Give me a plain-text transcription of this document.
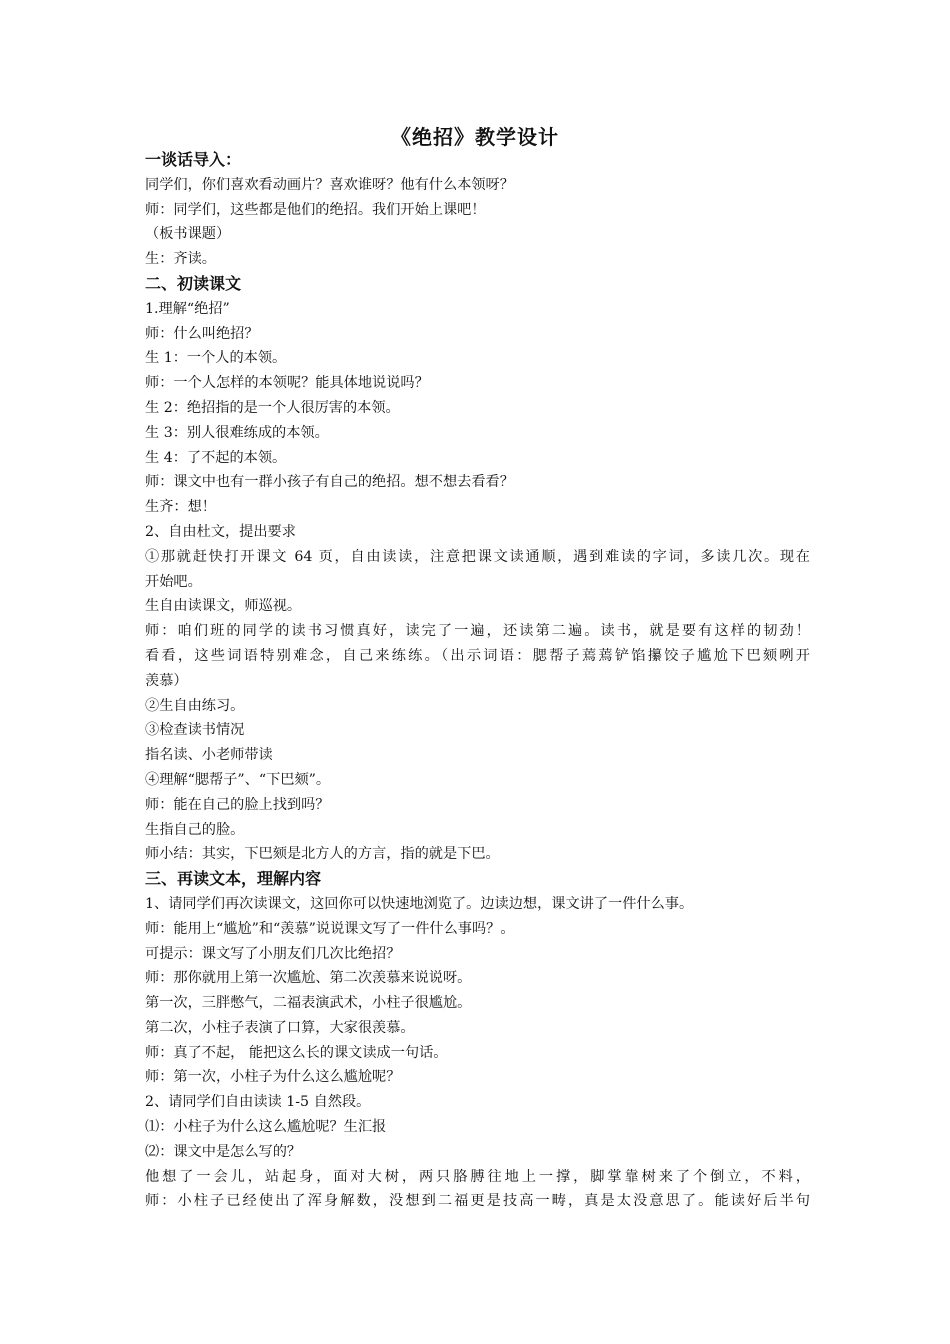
《绝招》教学设计
一谈话导入：
同学们，你们喜欢看动画片？喜欢谁呀？他有什么本领呀？
师：同学们，这些都是他们的绝招。我们开始上课吧！
（板书课题）
生：齐读。
二、初读课文
1.理解“绝招”
师：什么叫绝招？
生 1：一个人的本领。
师：一个人怎样的本领呢？能具体地说说吗？
生 2：绝招指的是一个人很厉害的本领。
生 3：别人很难练成的本领。
生 4：了不起的本领。
师：课文中也有一群小孩子有自己的绝招。想不想去看看？
生齐：想！
2、自由杜文，提出要求
①那就赶快打开课文 64 页，自由读读，注意把课文读通顺，遇到难读的字词，多读几次。现在
开始吧。
生自由读课文，师巡视。
师：咱们班的同学的读书习惯真好，读完了一遍，还读第二遍。读书，就是要有这样的韧劲！
看看，这些词语特别难念，自己来练练。（出示词语：腮帮子蔫蔫铲馅攥饺子尴尬下巴颏咧开
羡慕）
②生自由练习。
③检查读书情况
指名读、小老师带读
④理解“腮帮子”、“下巴颏”。
师：能在自己的脸上找到吗？
生指自己的脸。
师小结：其实，下巴颏是北方人的方言，指的就是下巴。
三、再读文本，理解内容
1、请同学们再次读课文，这回你可以快速地浏览了。边读边想，课文讲了一件什么事。
师：能用上“尴尬”和“羡慕”说说课文写了一件什么事吗？。
可提示：课文写了小朋友们几次比绝招？
师：那你就用上第一次尴尬、第二次羡慕来说说呀。
第一次，三胖憋气，二福表演武术，小柱子很尴尬。
第二次，小柱子表演了口算，大家很羡慕。
师：真了不起， 能把这么长的课文读成一句话。
师：第一次，小柱子为什么这么尴尬呢？
2、请同学们自由读读 1-5 自然段。
⑴：小柱子为什么这么尴尬呢？生汇报
⑵：课文中是怎么写的？
他想了一会儿，站起身，面对大树，两只胳膊往地上一撑，脚掌靠树来了个倒立，不料，
师：小柱子已经使出了浑身解数，没想到二福更是技高一畴，真是太没意思了。能读好后半句
